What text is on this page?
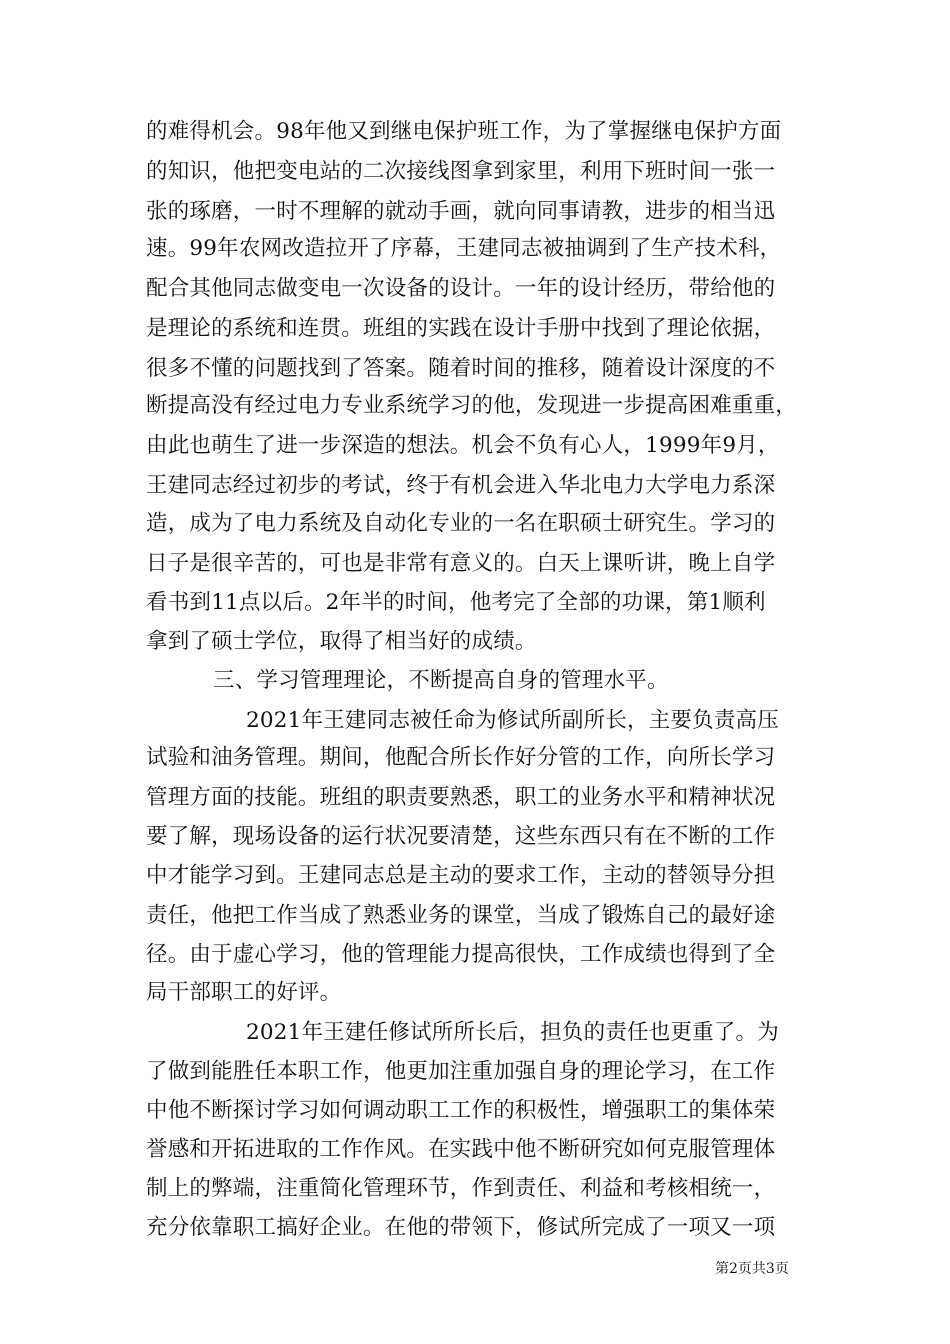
的难得机会。98年他又到继电保护班工作，为了掌握继电保护方面
的知识，他把变电站的二次接线图拿到家里，利用下班时间一张一
张的琢磨，一时不理解的就动手画，就向同事请教，进步的相当迅
速。99年农网改造拉开了序幕，王建同志被抽调到了生产技术科，
配合其他同志做变电一次设备的设计。一年的设计经历，带给他的
是理论的系统和连贯。班组的实践在设计手册中找到了理论依据，
很多不懂的问题找到了答案。随着时间的推移，随着设计深度的不
断提高没有经过电力专业系统学习的他，发现进一步提高困难重重，
由此也萌生了进一步深造的想法。机会不负有心人，1999年9月，
王建同志经过初步的考试，终于有机会进入华北电力大学电力系深
造，成为了电力系统及自动化专业的一名在职硕士研究生。学习的
日子是很辛苦的，可也是非常有意义的。白天上课听讲，晚上自学
看书到11点以后。2年半的时间，他考完了全部的功课，第1顺利
拿到了硕士学位，取得了相当好的成绩。
三、学习管理理论，不断提高自身的管理水平。
2021年王建同志被任命为修试所副所长，主要负责高压
试验和油务管理。期间，他配合所长作好分管的工作，向所长学习
管理方面的技能。班组的职责要熟悉，职工的业务水平和精神状况
要了解，现场设备的运行状况要清楚，这些东西只有在不断的工作
中才能学习到。王建同志总是主动的要求工作，主动的替领导分担
责任，他把工作当成了熟悉业务的课堂，当成了锻炼自己的最好途
径。由于虚心学习，他的管理能力提高很快，工作成绩也得到了全
局干部职工的好评。
2021年王建任修试所所长后，担负的责任也更重了。为
了做到能胜任本职工作，他更加注重加强自身的理论学习，在工作
中他不断探讨学习如何调动职工工作的积极性，增强职工的集体荣
誉感和开拓进取的工作作风。在实践中他不断研究如何克服管理体
制上的弊端，注重简化管理环节，作到责任、利益和考核相统一，
充分依靠职工搞好企业。在他的带领下，修试所完成了一项又一项
第2页共3页
